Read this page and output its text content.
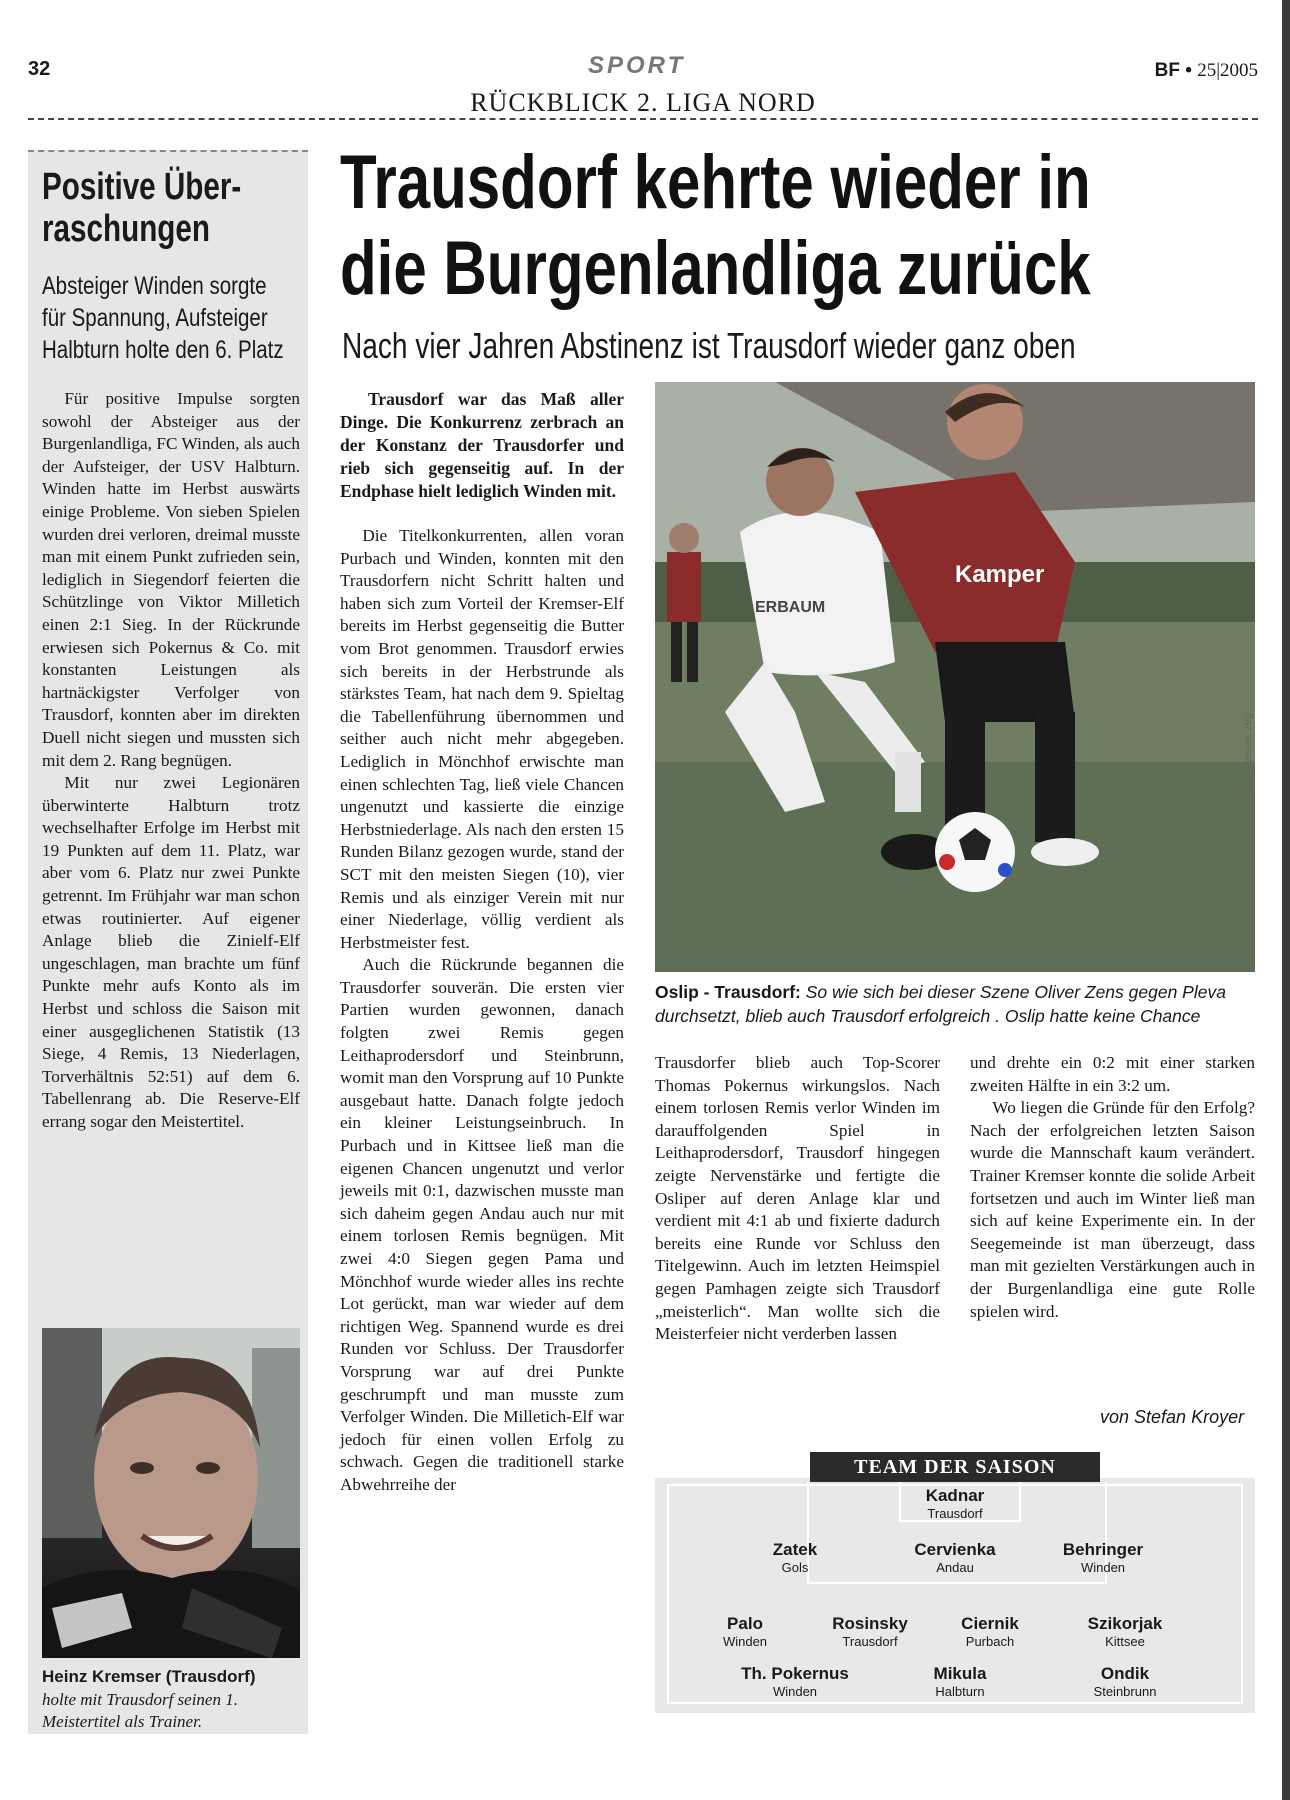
32	SPORT	BF • 25|2005
RÜCKBLICK 2. LIGA NORD
Positive Über-
raschungen
Absteiger Winden sorgte
für Spannung, Aufsteiger
Halbturn holte den 6. Platz

Für positive Impulse sorgten sowohl der Absteiger aus der Burgenlandliga, FC Winden, als auch der Aufsteiger, der USV Halbturn. Winden hatte im Herbst auswärts einige Probleme. Von sieben Spielen wurden drei verloren, dreimal musste man mit einem Punkt zufrieden sein, lediglich in Siegendorf feierten die Schützlinge von Viktor Milletich einen 2:1 Sieg. In der Rückrunde erwiesen sich Pokernus & Co. mit konstanten Leistungen als hartnäckigster Verfolger von Trausdorf, konnten aber im direkten Duell nicht siegen und mussten sich mit dem 2. Rang begnügen.

Mit nur zwei Legionären überwinterte Halbturn trotz wechselhafter Erfolge im Herbst mit 19 Punkten auf dem 11. Platz, war aber vom 6. Platz nur zwei Punkte getrennt. Im Frühjahr war man schon etwas routinierter. Auf eigener Anlage blieb die Zinielf-Elf ungeschlagen, man brachte um fünf Punkte mehr aufs Konto als im Herbst und schloss die Saison mit einer ausgeglichenen Statistik (13 Siege, 4 Remis, 13 Niederlagen, Torverhältnis 52:51) auf dem 6. Tabellenrang ab. Die Reserve-Elf errang sogar den Meistertitel.

Heinz Kremser (Trausdorf)
holte mit Trausdorf seinen 1.
Meistertitel als Trainer.
Trausdorf kehrte wieder in
die Burgenlandliga zurück
Nach vier Jahren Abstinenz ist Trausdorf wieder ganz oben

Trausdorf war das Maß aller Dinge. Die Konkurrenz zerbrach an der Konstanz der Trausdorfer und rieb sich gegenseitig auf. In der Endphase hielt lediglich Winden mit.

Die Titelkonkurrenten, allen voran Purbach und Winden, konnten mit den Trausdorfern nicht Schritt halten und haben sich zum Vorteil der Kremser-Elf bereits im Herbst gegenseitig die Butter vom Brot genommen. Trausdorf erwies sich bereits in der Herbstrunde als stärkstes Team, hat nach dem 9. Spieltag die Tabellenführung übernommen und seither auch nicht mehr abgegeben. Lediglich in Mönchhof erwischte man einen schlechten Tag, ließ viele Chancen ungenutzt und kassierte die einzige Herbstniederlage. Als nach den ersten 15 Runden Bilanz gezogen wurde, stand der SCT mit den meisten Siegen (10), vier Remis und als einziger Verein mit nur einer Niederlage, völlig verdient als Herbstmeister fest.

Auch die Rückrunde begannen die Trausdorfer souverän. Die ersten vier Partien wurden gewonnen, danach folgten zwei Remis gegen Leithaprodersdorf und Steinbrunn, womit man den Vorsprung auf 10 Punkte ausgebaut hatte. Danach folgte jedoch ein kleiner Leistungseinbruch. In Purbach und in Kittsee ließ man die eigenen Chancen ungenutzt und verlor jeweils mit 0:1, dazwischen musste man sich daheim gegen Andau auch nur mit einem torlosen Remis begnügen. Mit zwei 4:0 Siegen gegen Pama und Mönchhof wurde wieder alles ins rechte Lot gerückt, man war wieder auf dem richtigen Weg. Spannend wurde es drei Runden vor Schluss. Der Trausdorfer Vorsprung war auf drei Punkte geschrumpft und man musste zum Verfolger Winden. Die Milletich-Elf war jedoch für einen vollen Erfolg zu schwach. Gegen die traditionell starke Abwehrreihe der

Kamper
ERBAUM
Fotos: Fertsak, zVg
Oslip - Trausdorf: So wie sich bei dieser Szene Oliver Zens gegen Pleva durchsetzt, blieb auch Trausdorf erfolgreich . Oslip hatte keine Chance

Trausdorfer blieb auch Top-Scorer Thomas Pokernus wirkungslos. Nach einem torlosen Remis verlor Winden im darauffolgenden Spiel in Leithaprodersdorf, Trausdorf hingegen zeigte Nervenstärke und fertigte die Osliper auf deren Anlage klar und verdient mit 4:1 ab und fixierte dadurch bereits eine Runde vor Schluss den Titelgewinn. Auch im letzten Heimspiel gegen Pamhagen zeigte sich Trausdorf „meisterlich“. Man wollte sich die Meisterfeier nicht verderben lassen

und drehte ein 0:2 mit einer starken zweiten Hälfte in ein 3:2 um.

Wo liegen die Gründe für den Erfolg? Nach der erfolgreichen letzten Saison wurde die Mannschaft kaum verändert. Trainer Kremser konnte die solide Arbeit fortsetzen und auch im Winter ließ man sich auf keine Experimente ein. In der Seegemeinde ist man überzeugt, dass man mit gezielten Verstärkungen auch in der Burgenlandliga eine gute Rolle spielen wird.

von Stefan Kroyer
TEAM DER SAISON
Kadnar
Trausdorf
Zatek
Gols
Cervienka
Andau
Behringer
Winden
Palo
Winden
Rosinsky
Trausdorf
Ciernik
Purbach
Szikorjak
Kittsee
Th. Pokernus
Winden
Mikula
Halbturn
Ondik
Steinbrunn
